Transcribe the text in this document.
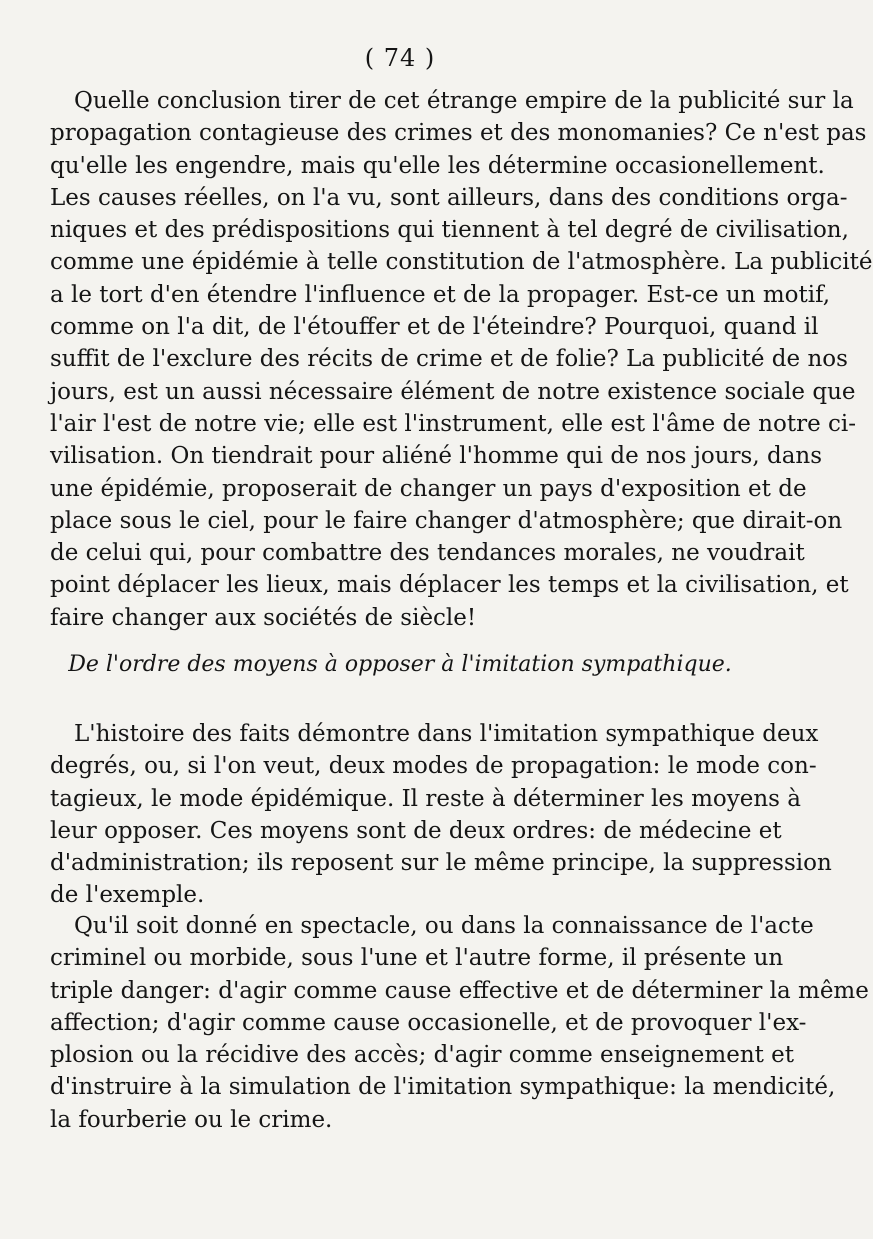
( 74 )
Quelle conclusion tirer de cet étrange empire de la publicité sur la
propagation contagieuse des crimes et des monomanies? Ce n'est pas
qu'elle les engendre, mais qu'elle les détermine occasionellement.
Les causes réelles, on l'a vu, sont ailleurs, dans des conditions orga-
niques et des prédispositions qui tiennent à tel degré de civilisation,
comme une épidémie à telle constitution de l'atmosphère. La publicité
a le tort d'en étendre l'influence et de la propager. Est-ce un motif,
comme on l'a dit, de l'étouffer et de l'éteindre? Pourquoi, quand il
suffit de l'exclure des récits de crime et de folie? La publicité de nos
jours, est un aussi nécessaire élément de notre existence sociale que
l'air l'est de notre vie; elle est l'instrument, elle est l'âme de notre ci-
vilisation. On tiendrait pour aliéné l'homme qui de nos jours, dans
une épidémie, proposerait de changer un pays d'exposition et de
place sous le ciel, pour le faire changer d'atmosphère; que dirait-on
de celui qui, pour combattre des tendances morales, ne voudrait
point déplacer les lieux, mais déplacer les temps et la civilisation, et
faire changer aux sociétés de siècle!
De l'ordre des moyens à opposer à l'imitation sympathique.
L'histoire des faits démontre dans l'imitation sympathique deux
degrés, ou, si l'on veut, deux modes de propagation: le mode con-
tagieux, le mode épidémique. Il reste à déterminer les moyens à
leur opposer. Ces moyens sont de deux ordres: de médecine et
d'administration; ils reposent sur le même principe, la suppression
de l'exemple.
Qu'il soit donné en spectacle, ou dans la connaissance de l'acte
criminel ou morbide, sous l'une et l'autre forme, il présente un
triple danger: d'agir comme cause effective et de déterminer la même
affection; d'agir comme cause occasionelle, et de provoquer l'ex-
plosion ou la récidive des accès; d'agir comme enseignement et
d'instruire à la simulation de l'imitation sympathique: la mendicité,
la fourberie ou le crime.
